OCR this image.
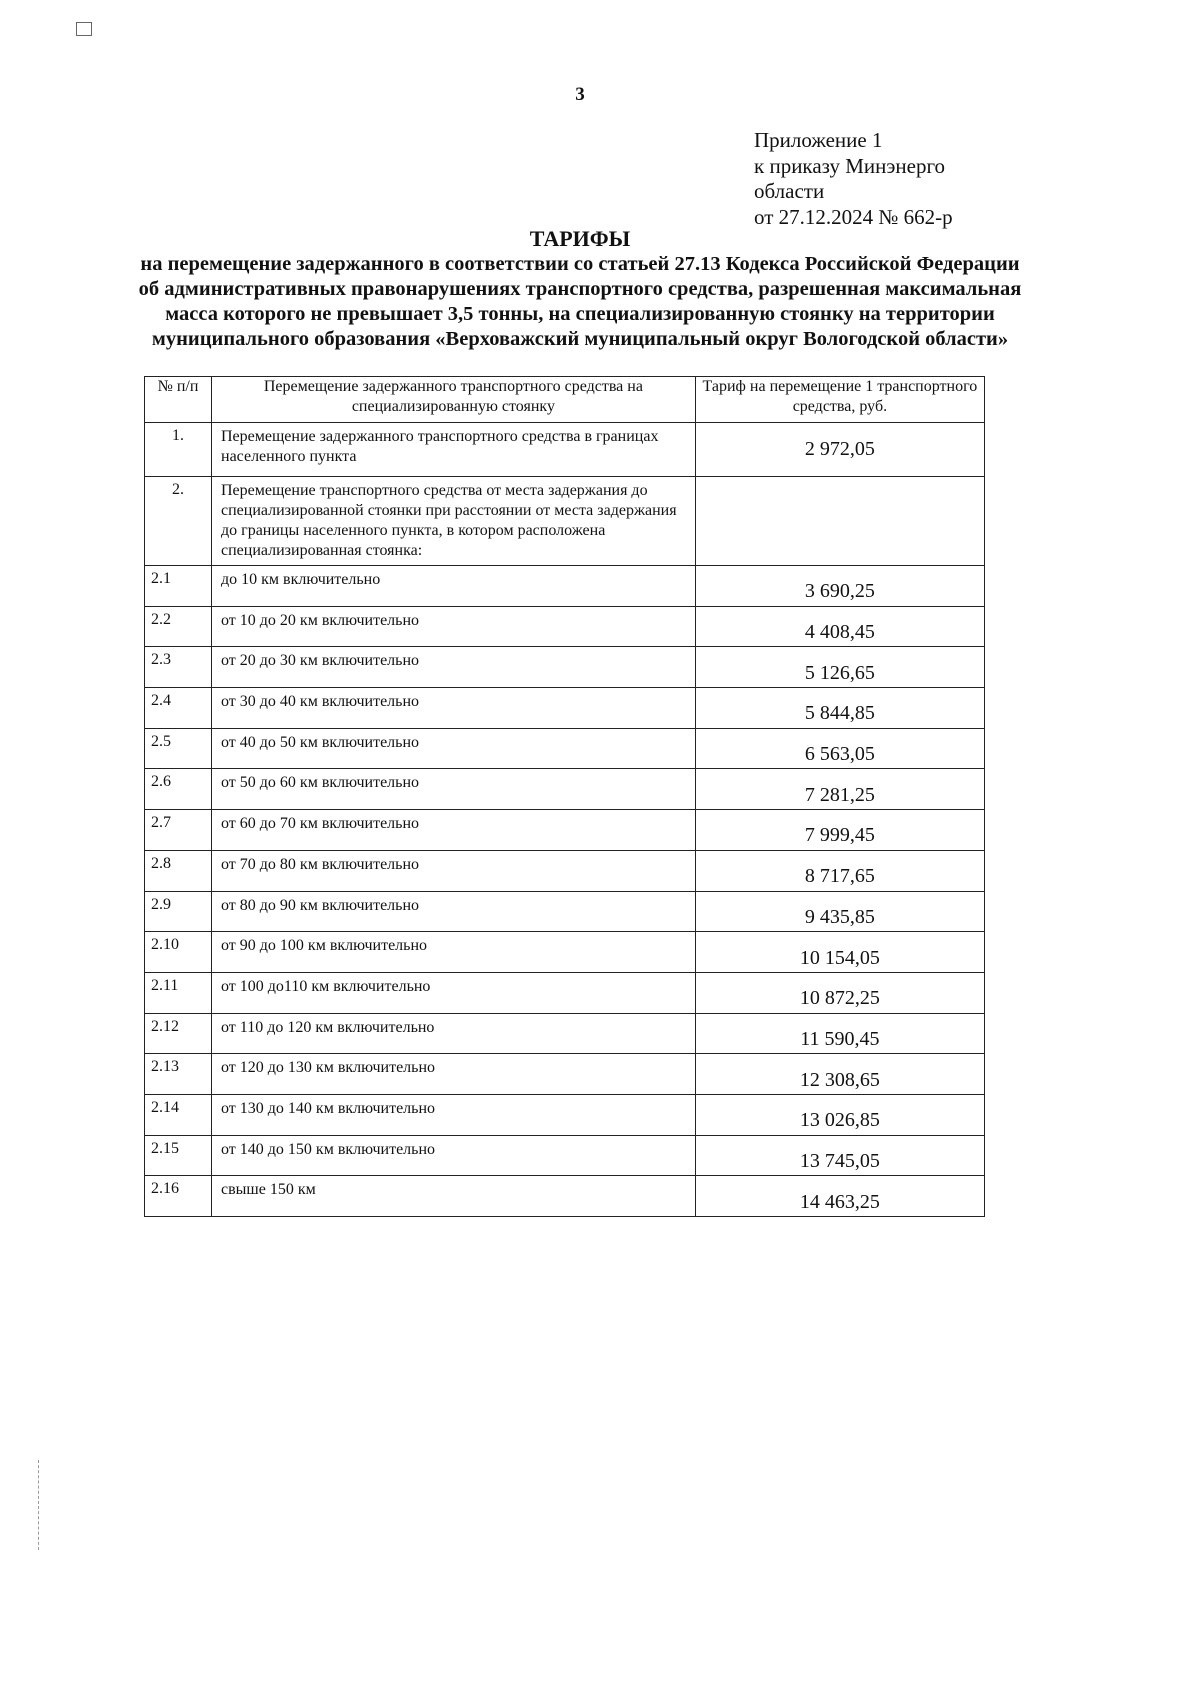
3
Приложение 1
к приказу Минэнерго
области
от 27.12.2024 № 662-р
ТАРИФЫ
на перемещение задержанного в соответствии со статьей 27.13 Кодекса Российской Федерации об административных правонарушениях транспортного средства, разрешенная максимальная масса которого не превышает 3,5 тонны, на специализированную стоянку на территории муниципального образования «Верховажский муниципальный округ Вологодской области»
№ п/п	Перемещение задержанного транспортного средства на специализированную стоянку	Тариф на перемещение 1 транспортного средства, руб.
1.	Перемещение задержанного транспортного средства в границах населенного пункта	2 972,05
2.	Перемещение транспортного средства от места задержания до специализированной стоянки при расстоянии от места задержания до границы населенного пункта, в котором расположена специализированная стоянка:	
2.1	до 10 км включительно	3 690,25
2.2	от 10 до 20 км включительно	4 408,45
2.3	от 20 до 30 км включительно	5 126,65
2.4	от 30 до 40 км включительно	5 844,85
2.5	от 40 до 50 км включительно	6 563,05
2.6	от 50 до 60 км включительно	7 281,25
2.7	от 60 до 70 км включительно	7 999,45
2.8	от 70 до 80 км включительно	8 717,65
2.9	от 80 до 90 км включительно	9 435,85
2.10	от 90 до 100 км включительно	10 154,05
2.11	от 100 до110 км включительно	10 872,25
2.12	от 110 до 120 км включительно	11 590,45
2.13	от 120 до 130 км включительно	12 308,65
2.14	от 130 до 140 км включительно	13 026,85
2.15	от 140 до 150 км включительно	13 745,05
2.16	свыше 150 км	14 463,25
